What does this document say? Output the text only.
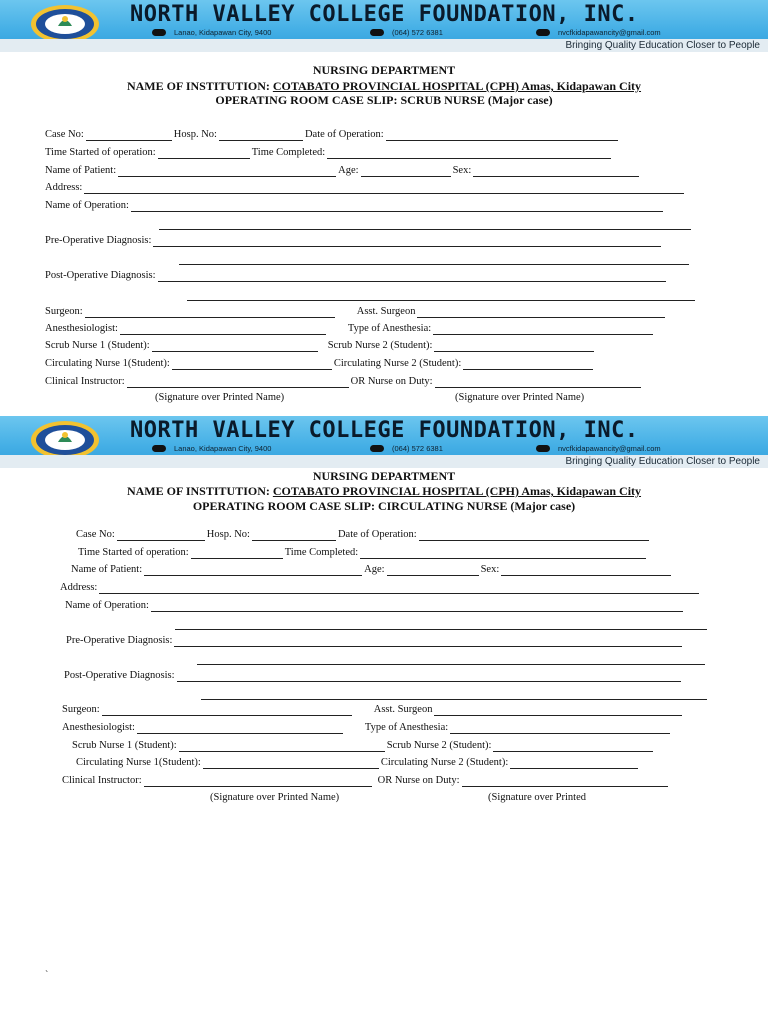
NORTH VALLEY COLLEGE FOUNDATION, INC.
Lanao, Kidapawan City, 9400	(064) 572 6381	nvcfkidapawancity@gmail.com
Bringing Quality Education Closer to People
NURSING DEPARTMENT
NAME OF INSTITUTION: COTABATO PROVINCIAL HOSPITAL (CPH) Amas, Kidapawan City
OPERATING ROOM CASE SLIP: SCRUB NURSE (Major case)
Case No:	Hosp. No:	Date of Operation:
Time Started of operation:	Time Completed:
Name of Patient:	Age:	Sex:
Address:
Name of Operation:
Pre-Operative Diagnosis:
Post-Operative Diagnosis:
Surgeon:	Asst. Surgeon
Anesthesiologist:	Type of Anesthesia:
Scrub Nurse 1 (Student):	Scrub Nurse 2 (Student):
Circulating Nurse 1(Student):	Circulating Nurse 2 (Student):
Clinical Instructor:	OR Nurse on Duty:
(Signature over Printed Name)	(Signature over Printed Name)
NORTH VALLEY COLLEGE FOUNDATION, INC.
Lanao, Kidapawan City, 9400	(064) 572 6381	nvcfkidapawancity@gmail.com
Bringing Quality Education Closer to People
NURSING DEPARTMENT
NAME OF INSTITUTION: COTABATO PROVINCIAL HOSPITAL (CPH) Amas, Kidapawan City
OPERATING ROOM CASE SLIP: CIRCULATING NURSE (Major case)
Case No:	Hosp. No:	Date of Operation:
Time Started of operation:	Time Completed:
Name of Patient:	Age:	Sex:
Address:
Name of Operation:
Pre-Operative Diagnosis:
Post-Operative Diagnosis:
Surgeon:	Asst. Surgeon
Anesthesiologist:	Type of Anesthesia:
Scrub Nurse 1 (Student):	Scrub Nurse 2 (Student):
Circulating Nurse 1(Student):	Circulating Nurse 2 (Student):
Clinical Instructor:	OR Nurse on Duty:
(Signature over Printed Name)	(Signature over Printed
`
